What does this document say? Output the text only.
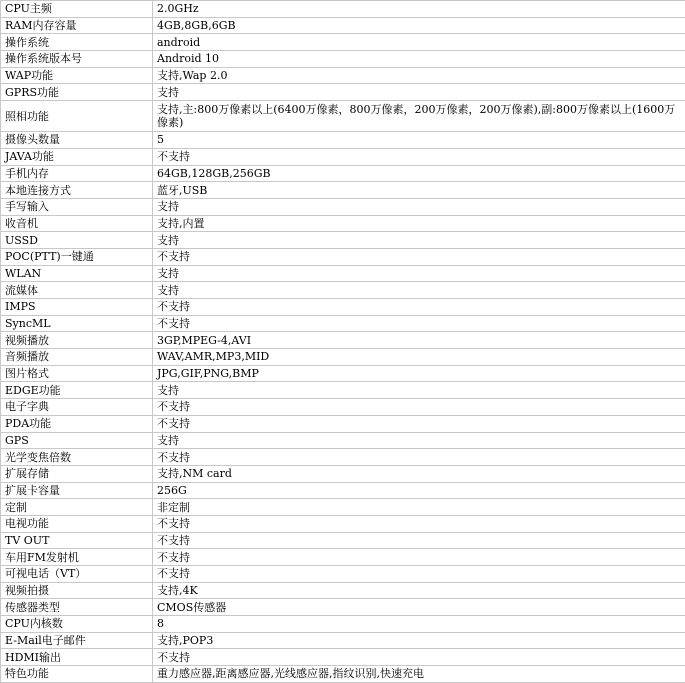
CPU主频	2.0GHz
RAM内存容量	4GB,8GB,6GB
操作系统	android
操作系统版本号	Android 10
WAP功能	支持,Wap 2.0
GPRS功能	支持
照相功能	支持,主:800万像素以上(6400万像素，800万像素，200万像素，200万像素),副:800万像素以上(1600万像素)
摄像头数量	5
JAVA功能	不支持
手机内存	64GB,128GB,256GB
本地连接方式	蓝牙,USB
手写输入	支持
收音机	支持,内置
USSD	支持
POC(PTT)一键通	不支持
WLAN	支持
流媒体	支持
IMPS	不支持
SyncML	不支持
视频播放	3GP,MPEG-4,AVI
音频播放	WAV,AMR,MP3,MID
图片格式	JPG,GIF,PNG,BMP
EDGE功能	支持
电子字典	不支持
PDA功能	不支持
GPS	支持
光学变焦倍数	不支持
扩展存储	支持,NM card
扩展卡容量	256G
定制	非定制
电视功能	不支持
TV OUT	不支持
车用FM发射机	不支持
可视电话（VT）	不支持
视频拍摄	支持,4K
传感器类型	CMOS传感器
CPU内核数	8
E-Mail电子邮件	支持,POP3
HDMI输出	不支持
特色功能	重力感应器,距离感应器,光线感应器,指纹识别,快速充电
